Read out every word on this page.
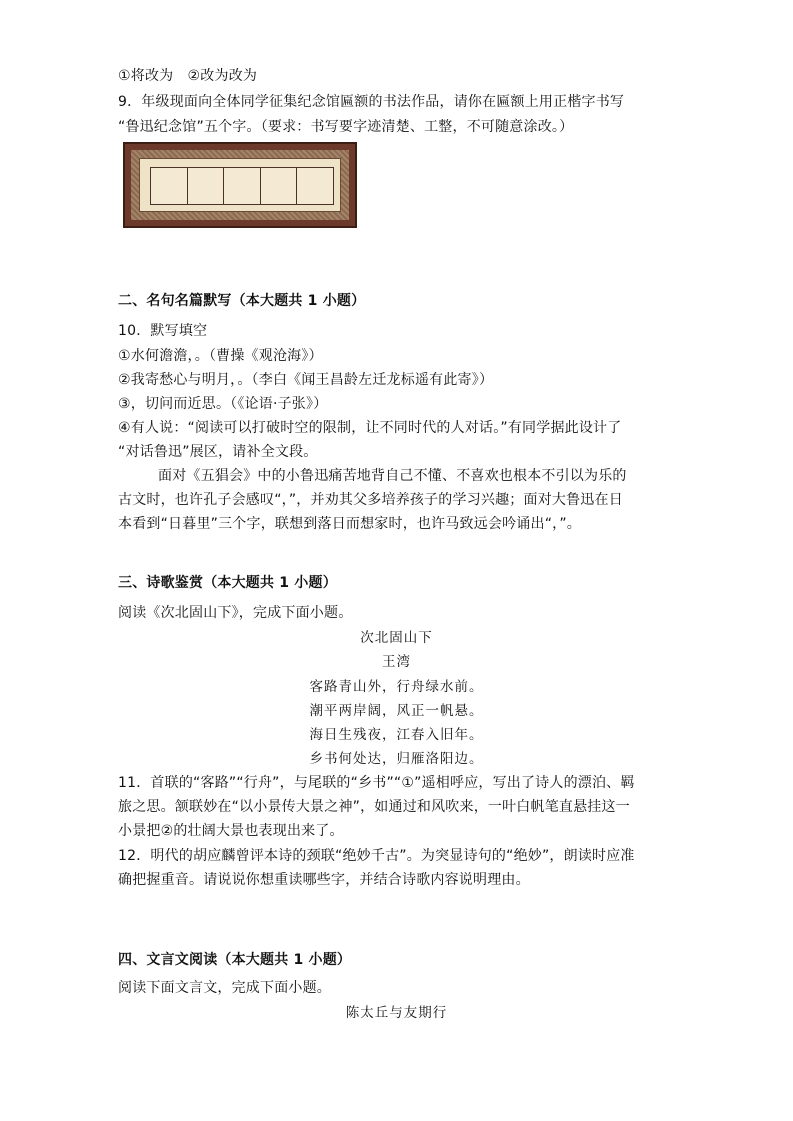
①将改为　②改为改为
9．年级现面向全体同学征集纪念馆匾额的书法作品，请你在匾额上用正楷字书写
“鲁迅纪念馆”五个字。（要求：书写要字迹清楚、工整，不可随意涂改。）
二、名句名篇默写（本大题共 1 小题）
10．默写填空
①水何澹澹，。（曹操《观沧海》）
②我寄愁心与明月，。（李白《闻王昌龄左迁龙标遥有此寄》）
③，切问而近思。（《论语·子张》）
④有人说：“阅读可以打破时空的限制，让不同时代的人对话。”有同学据此设计了
“对话鲁迅”展区，请补全文段。
面对《五猖会》中的小鲁迅痛苦地背自己不懂、不喜欢也根本不引以为乐的
古文时，也许孔子会感叹“，”，并劝其父多培养孩子的学习兴趣；面对大鲁迅在日
本看到“日暮里”三个字，联想到落日而想家时，也许马致远会吟诵出“，”。
三、诗歌鉴赏（本大题共 1 小题）
阅读《次北固山下》，完成下面小题。
次北固山下
王湾
客路青山外，行舟绿水前。
潮平两岸阔，风正一帆悬。
海日生残夜，江春入旧年。
乡书何处达，归雁洛阳边。
11．首联的“客路”“行舟”，与尾联的“乡书”“①”遥相呼应，写出了诗人的漂泊、羁
旅之思。颔联妙在“以小景传大景之神”，如通过和风吹来，一叶白帆笔直悬挂这一
小景把②的壮阔大景也表现出来了。
12．明代的胡应麟曾评本诗的颈联“绝妙千古”。为突显诗句的“绝妙”，朗读时应准
确把握重音。请说说你想重读哪些字，并结合诗歌内容说明理由。
四、文言文阅读（本大题共 1 小题）
阅读下面文言文，完成下面小题。
陈太丘与友期行
